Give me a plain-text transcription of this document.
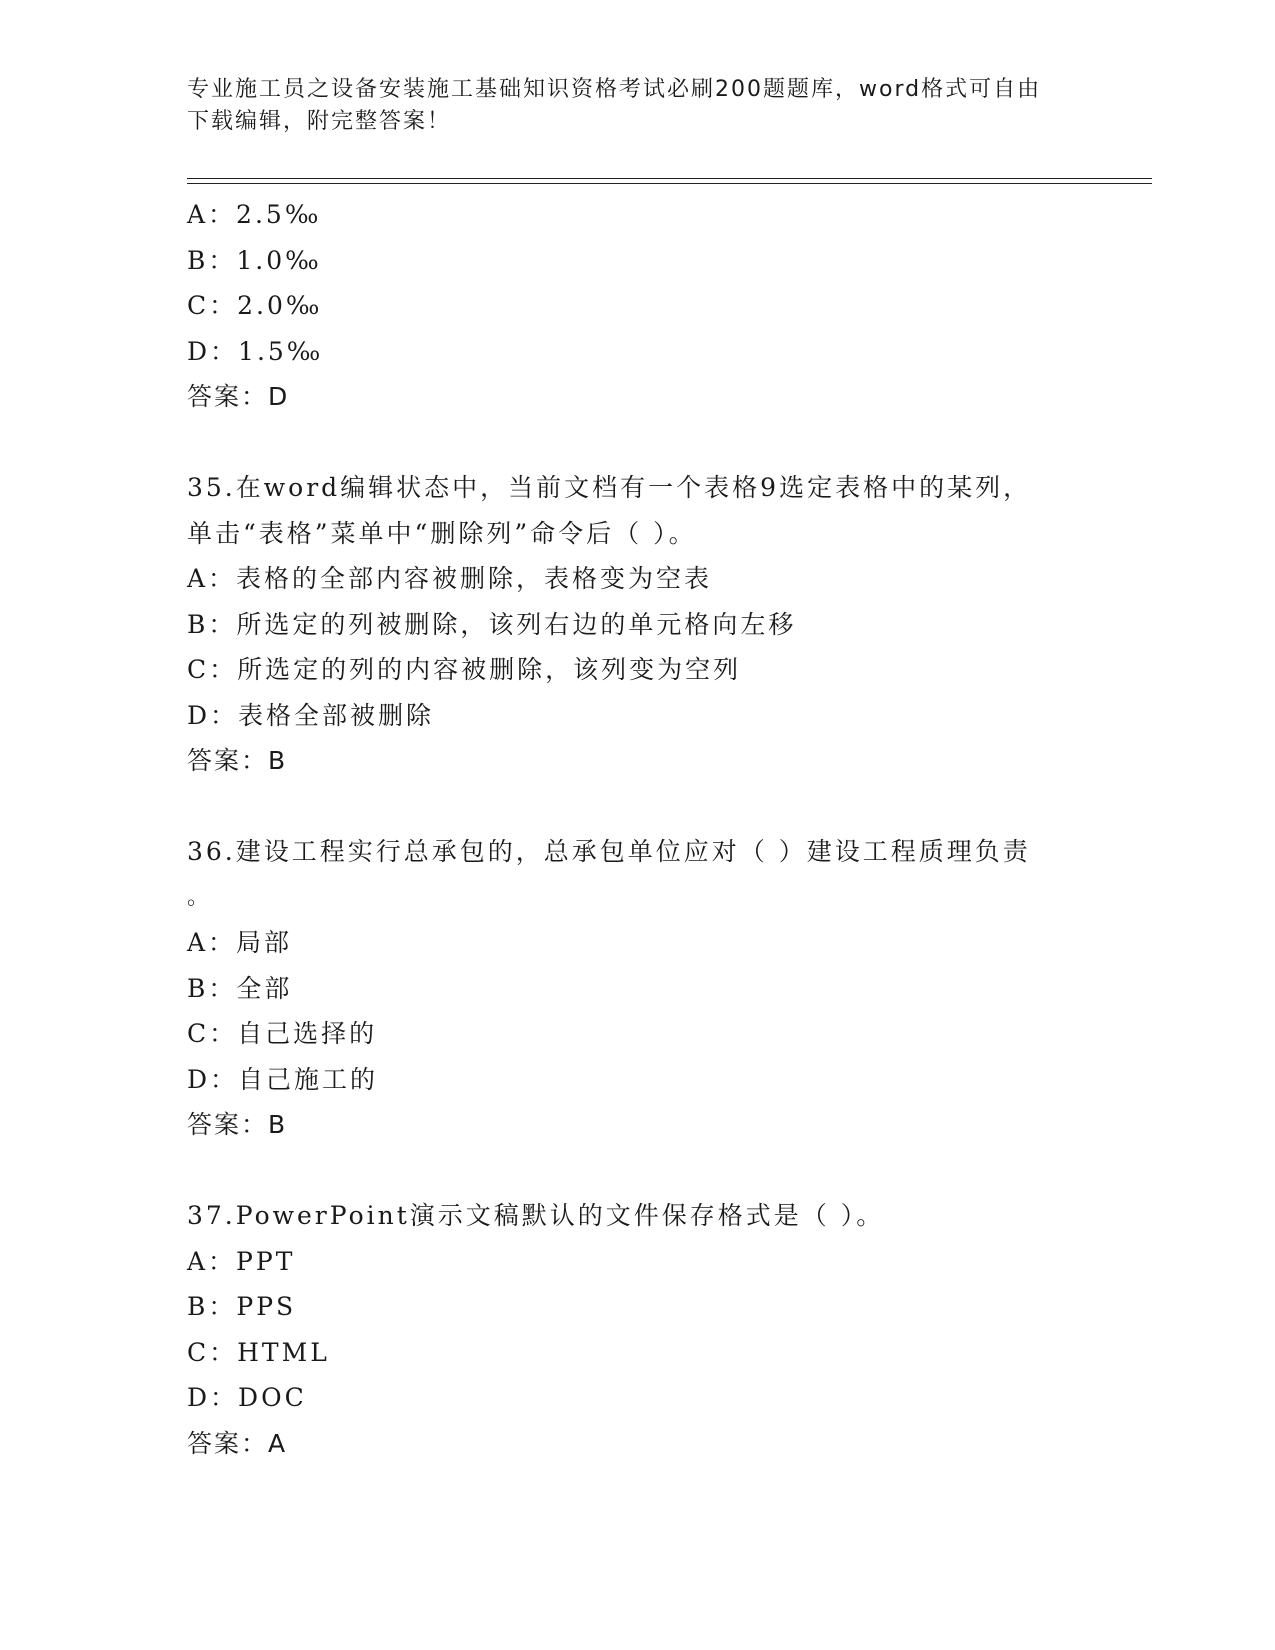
专业施工员之设备安装施工基础知识资格考试必刷200题题库，word格式可自由
下载编辑，附完整答案！
A：2.5‰
B：1.0‰
C：2.0‰
D：1.5‰
答案：D
35.在word编辑状态中，当前文档有一个表格9选定表格中的某列，
单击“表格”菜单中“删除列”命令后（ ）。
A：表格的全部内容被删除，表格变为空表
B：所选定的列被删除，该列右边的单元格向左移
C：所选定的列的内容被删除，该列变为空列
D：表格全部被删除
答案：B
36.建设工程实行总承包的，总承包单位应对（ ）建设工程质理负责
。
A：局部
B：全部
C：自己选择的
D：自己施工的
答案：B
37.PowerPoint演示文稿默认的文件保存格式是（ ）。
A：PPT
B：PPS
C：HTML
D：DOC
答案：A
